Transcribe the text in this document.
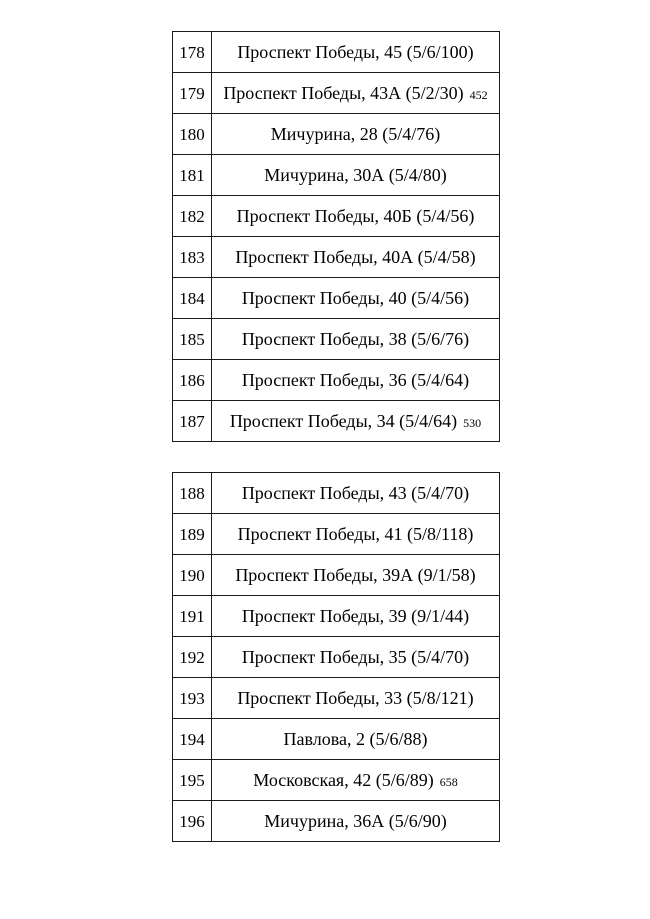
178	Проспект Победы, 45 (5/6/100)
179	Проспект Победы, 43А (5/2/30) 452
180	Мичурина, 28 (5/4/76)
181	Мичурина, 30А (5/4/80)
182	Проспект Победы, 40Б (5/4/56)
183	Проспект Победы, 40А (5/4/58)
184	Проспект Победы, 40 (5/4/56)
185	Проспект Победы, 38 (5/6/76)
186	Проспект Победы, 36 (5/4/64)
187	Проспект Победы, 34 (5/4/64) 530
188	Проспект Победы, 43 (5/4/70)
189	Проспект Победы, 41 (5/8/118)
190	Проспект Победы, 39А (9/1/58)
191	Проспект Победы, 39 (9/1/44)
192	Проспект Победы, 35 (5/4/70)
193	Проспект Победы, 33 (5/8/121)
194	Павлова, 2 (5/6/88)
195	Московская, 42 (5/6/89) 658
196	Мичурина, 36А (5/6/90)
